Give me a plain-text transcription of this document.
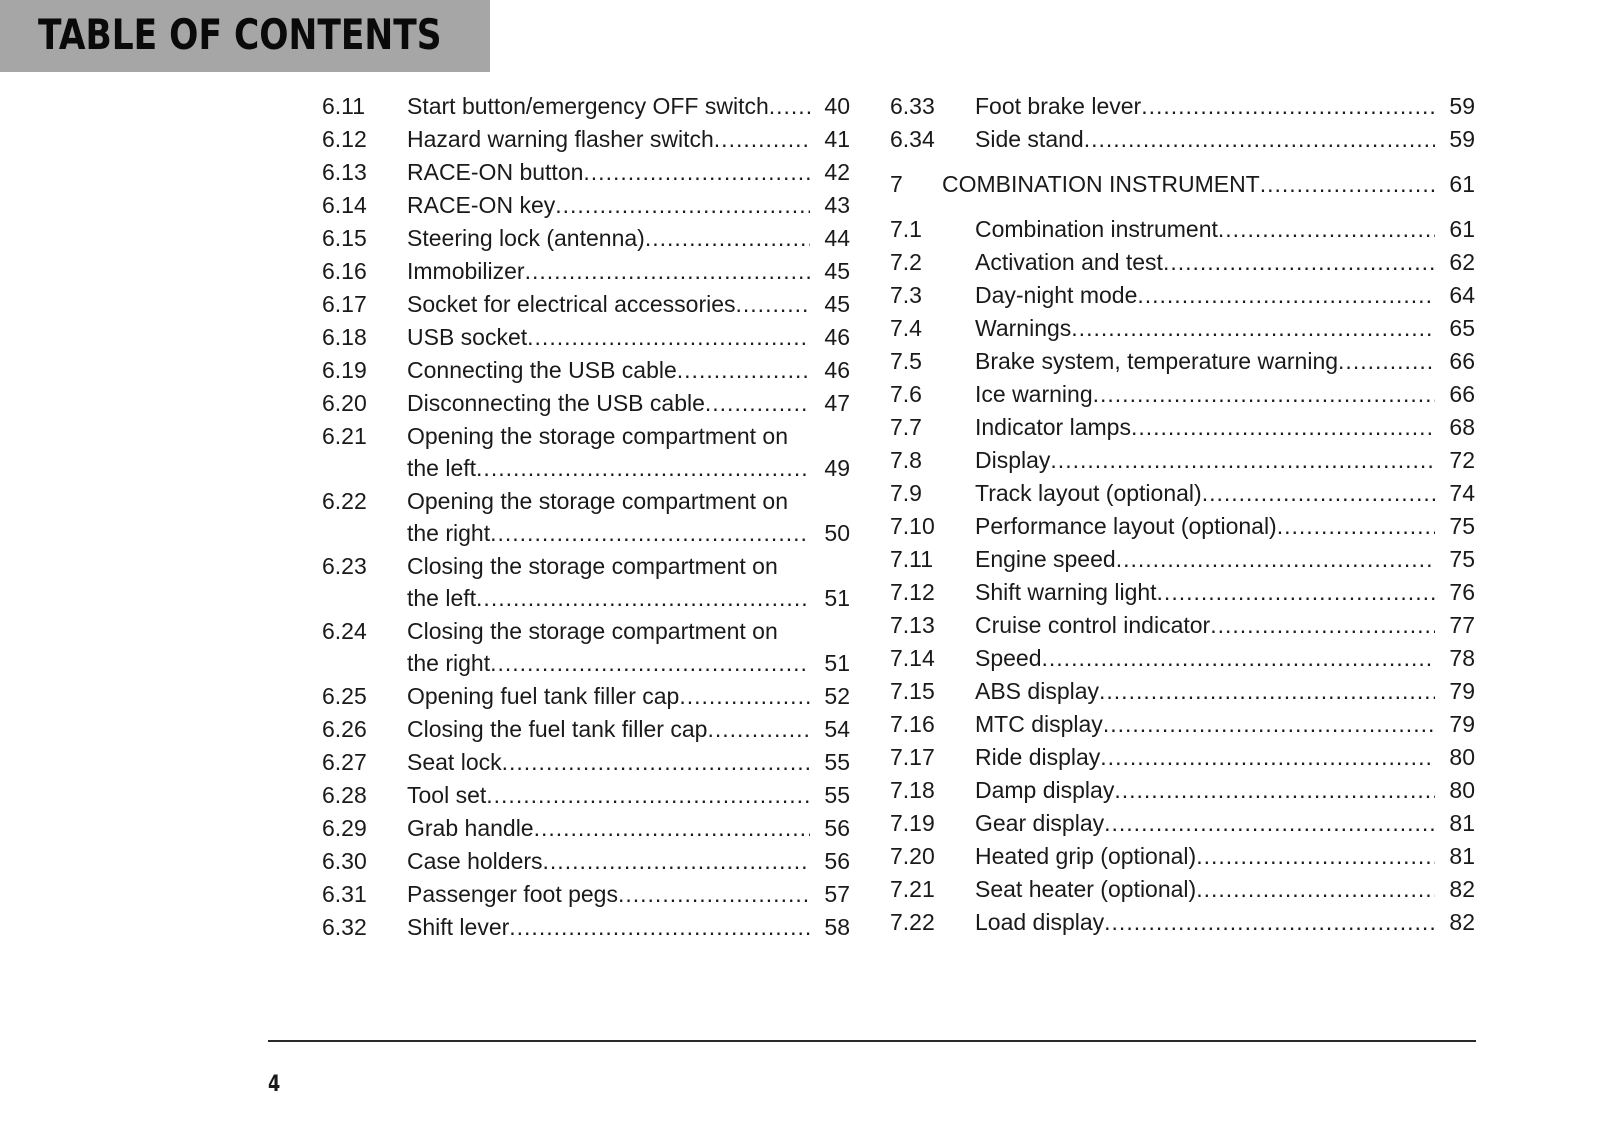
TABLE OF CONTENTS
6.11	Start button/emergency OFF switch .....	40
6.12	Hazard warning flasher switch .....	41
6.13	RACE-ON button .....	42
6.14	RACE-ON key .....	43
6.15	Steering lock (antenna) .....	44
6.16	Immobilizer .....	45
6.17	Socket for electrical accessories .....	45
6.18	USB socket .....	46
6.19	Connecting the USB cable .....	46
6.20	Disconnecting the USB cable .....	47
6.21	Opening the storage compartment on
the left .....	49
6.22	Opening the storage compartment on
the right .....	50
6.23	Closing the storage compartment on
the left .....	51
6.24	Closing the storage compartment on
the right .....	51
6.25	Opening fuel tank filler cap .....	52
6.26	Closing the fuel tank filler cap .....	54
6.27	Seat lock .....	55
6.28	Tool set .....	55
6.29	Grab handle .....	56
6.30	Case holders .....	56
6.31	Passenger foot pegs .....	57
6.32	Shift lever .....	58
6.33	Foot brake lever .....	59
6.34	Side stand .....	59
7	COMBINATION INSTRUMENT .....	61
7.1	Combination instrument .....	61
7.2	Activation and test .....	62
7.3	Day-night mode .....	64
7.4	Warnings .....	65
7.5	Brake system, temperature warning .....	66
7.6	Ice warning .....	66
7.7	Indicator lamps .....	68
7.8	Display .....	72
7.9	Track layout (optional) .....	74
7.10	Performance layout (optional) .....	75
7.11	Engine speed .....	75
7.12	Shift warning light .....	76
7.13	Cruise control indicator .....	77
7.14	Speed .....	78
7.15	ABS display .....	79
7.16	MTC display .....	79
7.17	Ride display .....	80
7.18	Damp display .....	80
7.19	Gear display .....	81
7.20	Heated grip (optional) .....	81
7.21	Seat heater (optional) .....	82
7.22	Load display .....	82
4
